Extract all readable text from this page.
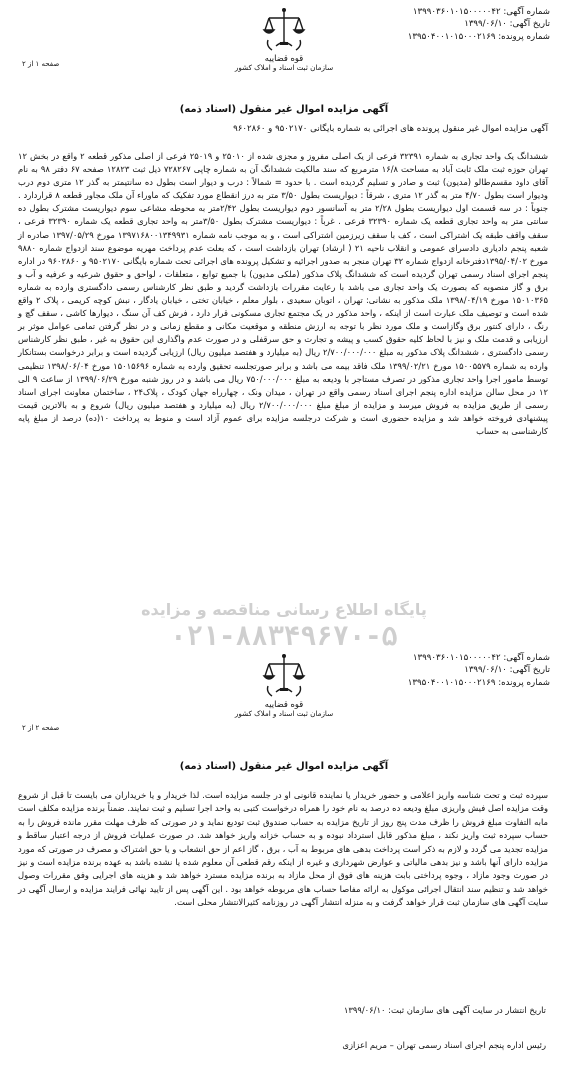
شماره آگهی: ۱۳۹۹۰۳۶۰۱۰۱۵۰۰۰۰۰۴۲
تاریخ آگهی: ۱۳۹۹/۰۶/۱۰
شماره پرونده: ۱۳۹۵۰۴۰۰۱۰۱۵۰۰۰۲۱۶۹
قوه قضاییه
سازمان ثبت اسناد و املاک کشور
صفحه ۱ از ۲
آگهی مزایده اموال غیر منقول (اسناد ذمه)
آگهی مزایده اموال غیر منقول پرونده های اجرائی به شماره بایگانی ۹۵۰۲۱۷۰ و ۹۶۰۲۸۶۰
ششدانگ یک واحد تجاری به شماره ۳۲۳۹۱ فرعی از یک اصلی مفروز و مجزی شده از ۲۵۰۱۰ و ۲۵۰۱۹ فرعی از اصلی مذکور قطعه ۲ واقع در بخش ۱۲ تهران حوزه ثبت ملک ثابت آباد به مساحت ۱۶/۸ مترمربع که سند مالکیت ششدانگ آن به شماره چاپی ۷۲۸۲۶۷ ذیل ثبت ۱۲۸۲۳ صفحه ۶۷ دفتر ۹۸ به نام آقای داود مقسم‌طالو (مدیون) ثبت و صادر و تسلیم گردیده است . با حدود = شمالاً : درب و دیوار است بطول ده سانتیمتر به گذر ۱۲ متری دوم درب ودیوار است بطول ۴/۷۰ متر به گذر ۱۲ متری ، شرقاً : دیواریست بطول ۳/۵۰ متر به درز انقطاع مورد تفکیک که ماوراء آن ملک مجاور قطعه ۸ قراردارد . جنوباً : در سه قسمت اول دیواریست بطول ۲/۲۸ متر به آسانسور دوم دیواریست بطول ۲/۴۲متر به محوطه مشاعی سوم دیواریست مشترک بطول ده سانتی متر به واحد تجاری قطعه یک شماره ۳۲۳۹۰ فرعی . غرباً : دیواریست مشترک بطول ۳/۵۰متر به واحد تجاری قطعه یک شماره ۳۲۳۹۰ فرعی ، سقف واقف طبقه یک اشتراکی است ، کف با سقف زیرزمین اشتراکی است ، و به موجب نامه شماره ۱۳۹۷۱۶۸۰۰۱۳۴۹۹۳۱ مورخ ۱۳۹۷/۰۵/۲۹ صادره از شعبه پنجم دادیاری دادسرای عمومی و انقلاب ناحیه ۲۱ ( ارشاد) تهران بازداشت است ، که بعلت عدم پرداخت مهریه موضوع سند ازدواج شماره ۹۸۸۰ مورخ ۱۳۹۵/۰۴/۰۲دفترخانه ازدواج شماره ۳۲ تهران منجر به صدور اجرائیه و تشکیل پرونده های اجرائی تحت شماره بایگانی ۹۵۰۲۱۷۰ و ۹۶۰۲۸۶۰ در اداره پنجم اجرای اسناد رسمی تهران گردیده است که ششدانگ پلاک مذکور (ملکی مدیون) با جمیع توابع ، متعلقات ، لواحق و حقوق شرعیه و عرفیه و آب و برق و گاز منصوبه که بصورت یک واحد تجاری می باشد با رعایت مقررات بازداشت گردید و طبق نظر کارشناس رسمی دادگستری وارده به شماره ۱۵۰۱۰۳۶۵ مورخ ۱۳۹۸/۰۴/۱۹ ملک مذکور به نشانی: تهران ، اتوبان سعیدی ، بلوار معلم ، خیابان تختی ، خیابان یادگار ، نبش کوچه کریمی ، پلاک ۲ واقع شده است و توصیف ملک عبارت است از اینکه ، واحد مذکور در یک مجتمع تجاری مسکونی قرار دارد ، فرش کف آن سنگ ، دیوارها کاشی ، سقف گچ و رنگ ، دارای کنتور برق وگازاست و ملک مورد نظر با توجه به ارزش منطقه و موقعیت مکانی و مقطع زمانی و در نظر گرفتن تمامی عوامل موثر بر ارزیابی و قدمت ملک و نیز با لحاظ کلیه حقوق کسب و پیشه و تجارت و حق سرقفلی و در صورت عدم واگذاری این حقوق به غیر ، طبق نظر کارشناس رسمی دادگستری ، ششدانگ پلاک مذکور به مبلغ ۲/۷۰۰/۰۰۰/۰۰۰ ریال (به میلیارد و هفتصد میلیون ریال) ارزیابی گردیده است و برابر درخواست بستانکار وارده به شماره ۱۵۰۰۵۵۷۹ مورخ ۱۳۹۹/۰۲/۲۱ ملک فاقد بیمه می باشد و برابر صورتجلسه تحقیق وارده به شماره ۱۵۰۱۵۶۹۶ مورخ ۱۳۹۸/۰۶/۰۴ تنظیمی توسط مامور اجرا واحد تجاری مذکور در تصرف مستاجر با ودیعه به مبلغ ۷۵۰/۰۰۰/۰۰۰ ریال می باشد و در روز شنبه مورخ ۱۳۹۹/۰۶/۲۹ از ساعت ۹ الی ۱۲ در محل سالن مزایده اداره پنجم اجرای اسناد رسمی واقع در تهران ، میدان ونک ، چهارراه جهان کودک ، پلاک۲۴ ، ساختمان معاونت اجرای اسناد رسمی از طریق مزایده به فروش میرسد و مزایده از مبلغ مبلغ ۲/۷۰۰/۰۰۰/۰۰۰ ریال (به میلیارد و هفتصد میلیون ریال) شروع و به بالاترین قیمت پیشنهادی فروخته خواهد شد و مزایده حضوری است و شرکت درجلسه مزایده برای عموم آزاد است و منوط به پرداخت ۱۰(ده) درصد از مبلغ پایه کارشناسی به حساب
پایگاه اطلاع رسانی مناقصه و مزایده
۰۲۱-۸۸۳۴۹۶۷۰-۵
شماره آگهی: ۱۳۹۹۰۳۶۰۱۰۱۵۰۰۰۰۰۴۲
تاریخ آگهی: ۱۳۹۹/۰۶/۱۰
شماره پرونده: ۱۳۹۵۰۴۰۰۱۰۱۵۰۰۰۲۱۶۹
قوه قضاییه
سازمان ثبت اسناد و املاک کشور
صفحه ۲ از ۲
آگهی مزایده اموال غیر منقول (اسناد ذمه)
سپرده ثبت و تحت شناسه واریز اعلامی و حضور خریدار یا نماینده قانونی او در جلسه مزایده است. لذا خریدار و یا خریداران می بایست تا قبل از شروع وقت مزایده اصل فیش واریزی مبلغ ودیعه ده درصد به نام خود را همراه درخواست کتبی به واحد اجرا تسلیم و ثبت نمایند. ضمناً برنده مزایده مکلف است مابه التفاوت مبلغ فروش را ظرف مدت پنج روز از تاریخ مزایده به حساب صندوق ثبت تودیع نماید و در صورتی که ظرف مهلت مقرر مانده فروش را به حساب سپرده ثبت واریز نکند ، مبلغ مذکور قابل استرداد نبوده و به حساب خزانه واریز خواهد شد. در صورت عملیات فروش از درجه اعتبار ساقط و مزایده تجدید می گردد و لازم به ذکر است پرداخت بدهی های مربوط به آب ، برق ، گاز اعم از حق انشعاب و یا حق اشتراک و مصرف در صورتی که مورد مزایده دارای آنها باشد و نیز بدهی مالیاتی و عوارض شهرداری و غیره از اینکه رقم قطعی آن معلوم شده یا نشده باشد به عهده برنده مزایده است و نیز در صورت وجود مازاد ، وجوه پرداختی بابت هزینه های فوق از محل مازاد به برنده مزایده مسترد خواهد شد و هزینه های اجرایی وفق مقررات وصول خواهد شد و تنظیم سند انتقال اجرائی موکول به ارائه مفاصا حساب های مربوطه خواهد بود . این آگهی پس از تایید نهائی فرایند مزایده و ارسال آگهی در سایت آگهی های سازمان ثبت قرار خواهد گرفت و به منزله انتشار آگهی در روزنامه کثیرالانتشار محلی است.
تاریخ انتشار در سایت آگهی های سازمان ثبت: ۱۳۹۹/۰۶/۱۰
رئیس اداره پنجم اجرای اسناد رسمی تهران – مریم اعزازی
